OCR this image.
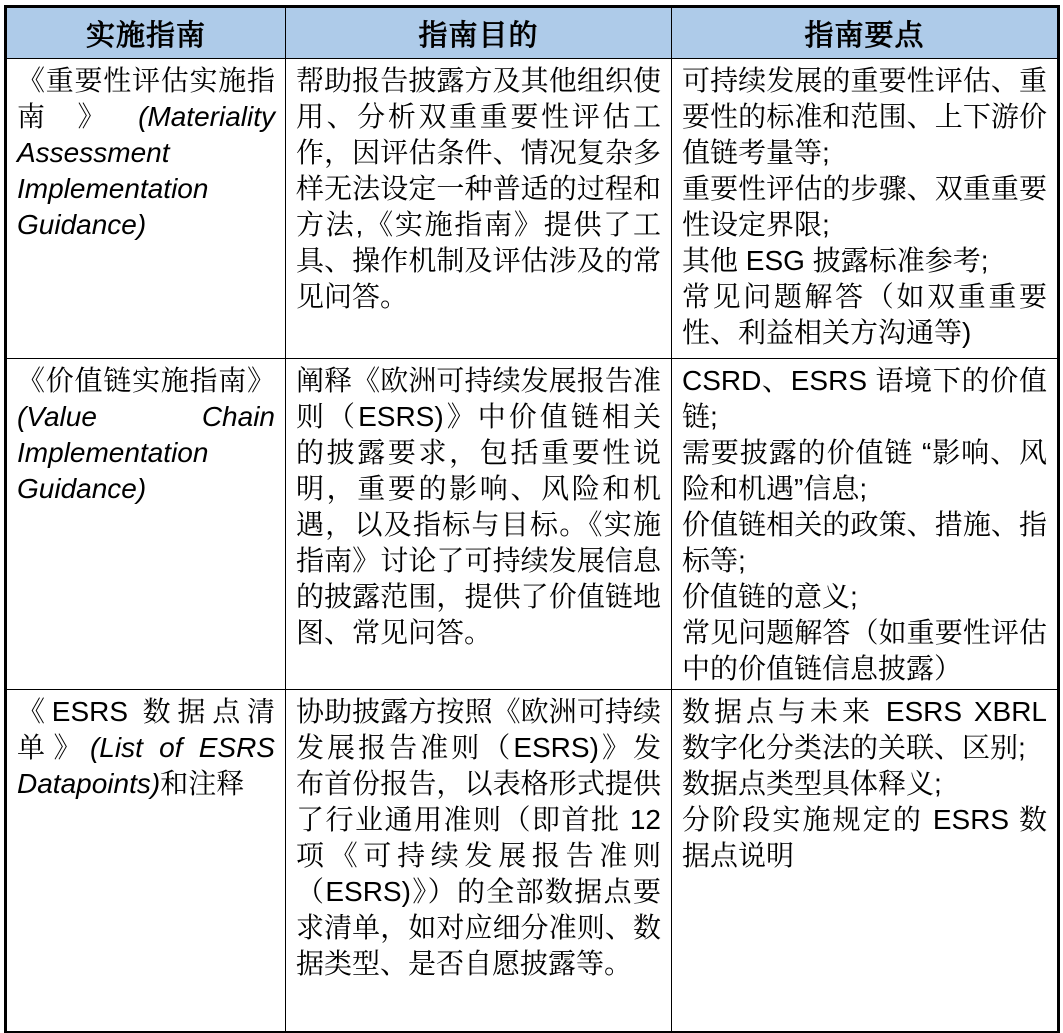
实施指南	指南目的	指南要点
《重要性评估实施指南》(Materiality Assessment Implementation Guidance)	帮助报告披露方及其他组织使用、分析双重重要性评估工作，因评估条件、情况复杂多样无法设定一种普适的过程和方法,《实施指南》提供了工具、操作机制及评估涉及的常见问答。	可持续发展的重要性评估、重要性的标准和范围、上下游价值链考量等;
重要性评估的步骤、双重重要性设定界限;
其他 ESG 披露标准参考;
常见问题解答（如双重重要性、利益相关方沟通等)

《价值链实施指南》(Value Chain Implementation Guidance)	阐释《欧洲可持续发展报告准则（ESRS)》中价值链相关的披露要求，包括重要性说明，重要的影响、风险和机遇，以及指标与目标。《实施指南》讨论了可持续发展信息的披露范围，提供了价值链地图、常见问答。	CSRD、ESRS 语境下的价值链;
需要披露的价值链 “影响、风险和机遇”信息;
价值链相关的政策、措施、指标等;
价值链的意义;
常见问题解答（如重要性评估中的价值链信息披露）

《ESRS 数据点清单》(List of ESRS Datapoints)和注释	协助披露方按照《欧洲可持续发展报告准则（ESRS)》发布首份报告，以表格形式提供了行业通用准则（即首批 12 项《可持续发展报告准则（ESRS)》）的全部数据点要求清单，如对应细分准则、数据类型、是否自愿披露等。	数据点与未来 ESRS XBRL 数字化分类法的关联、区别;
数据点类型具体释义;
分阶段实施规定的 ESRS 数据点说明
